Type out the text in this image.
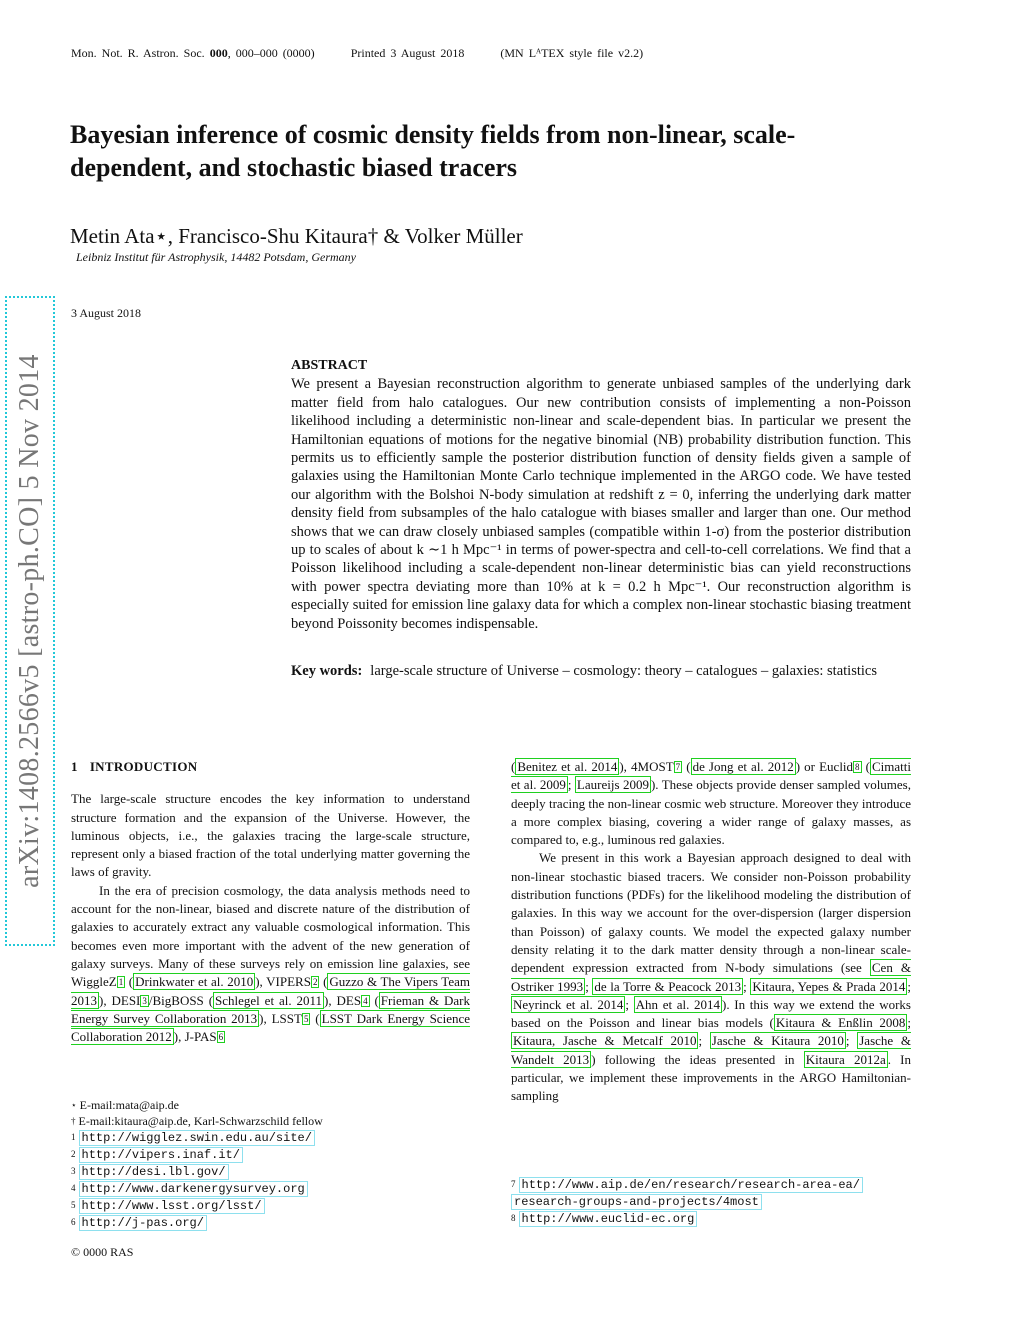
Mon. Not. R. Astron. Soc. 000, 000–000 (0000)	Printed 3 August 2018	(MN LᴬTEX style file v2.2)
Bayesian inference of cosmic density fields from non-linear, scale-dependent, and stochastic biased tracers
Metin Ata⋆, Francisco-Shu Kitaura† & Volker Müller
Leibniz Institut für Astrophysik, 14482 Potsdam, Germany
3 August 2018
arXiv:1408.2566v5 [astro-ph.CO] 5 Nov 2014	ABSTRACT

We present a Bayesian reconstruction algorithm to generate unbiased samples of the underlying dark matter field from halo catalogues. Our new contribution consists of implementing a non-Poisson likelihood including a deterministic non-linear and scale-dependent bias. In particular we present the Hamiltonian equations of motions for the negative binomial (NB) probability distribution function. This permits us to efficiently sample the posterior distribution function of density fields given a sample of galaxies using the Hamiltonian Monte Carlo technique implemented in the ARGO code. We have tested our algorithm with the Bolshoi N-body simulation at redshift z = 0, inferring the underlying dark matter density field from subsamples of the halo catalogue with biases smaller and larger than one. Our method shows that we can draw closely unbiased samples (compatible within 1-σ) from the posterior distribution up to scales of about k ∼1 h Mpc⁻¹ in terms of power-spectra and cell-to-cell correlations. We find that a Poisson likelihood including a scale-dependent non-linear deterministic bias can yield reconstructions with power spectra deviating more than 10% at k = 0.2 h Mpc⁻¹. Our reconstruction algorithm is especially suited for emission line galaxy data for which a complex non-linear stochastic biasing treatment beyond Poissonity becomes indispensable.

Key words: large-scale structure of Universe – cosmology: theory – catalogues – galaxies: statistics

1 INTRODUCTION

The large-scale structure encodes the key information to understand structure formation and the expansion of the Universe. However, the luminous objects, i.e., the galaxies tracing the large-scale structure, represent only a biased fraction of the total underlying matter governing the laws of gravity.

In the era of precision cosmology, the data analysis methods need to account for the non-linear, biased and discrete nature of the distribution of galaxies to accurately extract any valuable cosmological information. This becomes even more important with the advent of the new generation of galaxy surveys. Many of these surveys rely on emission line galaxies, see WiggleZ $^1$ ( Drinkwater et al. 2010 ), VIPERS $^2$ ( Guzzo & The Vipers Team 2013 ), DESI $^3$ /BigBOSS ( Schlegel et al. 2011 ), DES $^4$ ( Frieman & Dark Energy Survey Collaboration 2013 ), LSST $^5$ ( LSST Dark Energy Science Collaboration 2012 ), J-PAS $^6$

( Benitez et al. 2014 ), 4MOST $^7$ ( de Jong et al. 2012 ) or Euclid $^8$ ( Cimatti et al. 2009 ; Laureijs 2009 ). These objects provide denser sampled volumes, deeply tracing the non-linear cosmic web structure. Moreover they introduce a more complex biasing, covering a wider range of galaxy masses, as compared to, e.g., luminous red galaxies.

We present in this work a Bayesian approach designed to deal with non-linear stochastic biased tracers. We consider non-Poisson probability distribution functions (PDFs) for the likelihood modeling the distribution of galaxies. In this way we account for the over-dispersion (larger dispersion than Poisson) of galaxy counts. We model the expected galaxy number density relating it to the dark matter density through a non-linear scale-dependent expression extracted from N-body simulations (see Cen & Ostriker 1993 ; de la Torre & Peacock 2013 ; Kitaura, Yepes & Prada 2014 ; Neyrinck et al. 2014 ; Ahn et al. 2014 ). In this way we extend the works based on the Poisson and linear bias models ( Kitaura & Enßlin 2008 ; Kitaura, Jasche & Metcalf 2010 ; Jasche & Kitaura 2010 ; Jasche & Wandelt 2013 ) following the ideas presented in Kitaura 2012a . In particular, we implement these improvements in the ARGO Hamiltonian-sampling

⋆ E-mail:mata@aip.de
† E-mail:kitaura@aip.de, Karl-Schwarzschild fellow
$^1$ http://wigglez.swin.edu.au/site/
$^2$ http://vipers.inaf.it/
$^3$ http://desi.lbl.gov/
$^4$ http://www.darkenergysurvey.org
$^5$ http://www.lsst.org/lsst/
$^6$ http://j-pas.org/
$^7$ http://www.aip.de/en/research/research-area-ea/
research-groups-and-projects/4most
$^8$ http://www.euclid-ec.org
© 0000 RAS
